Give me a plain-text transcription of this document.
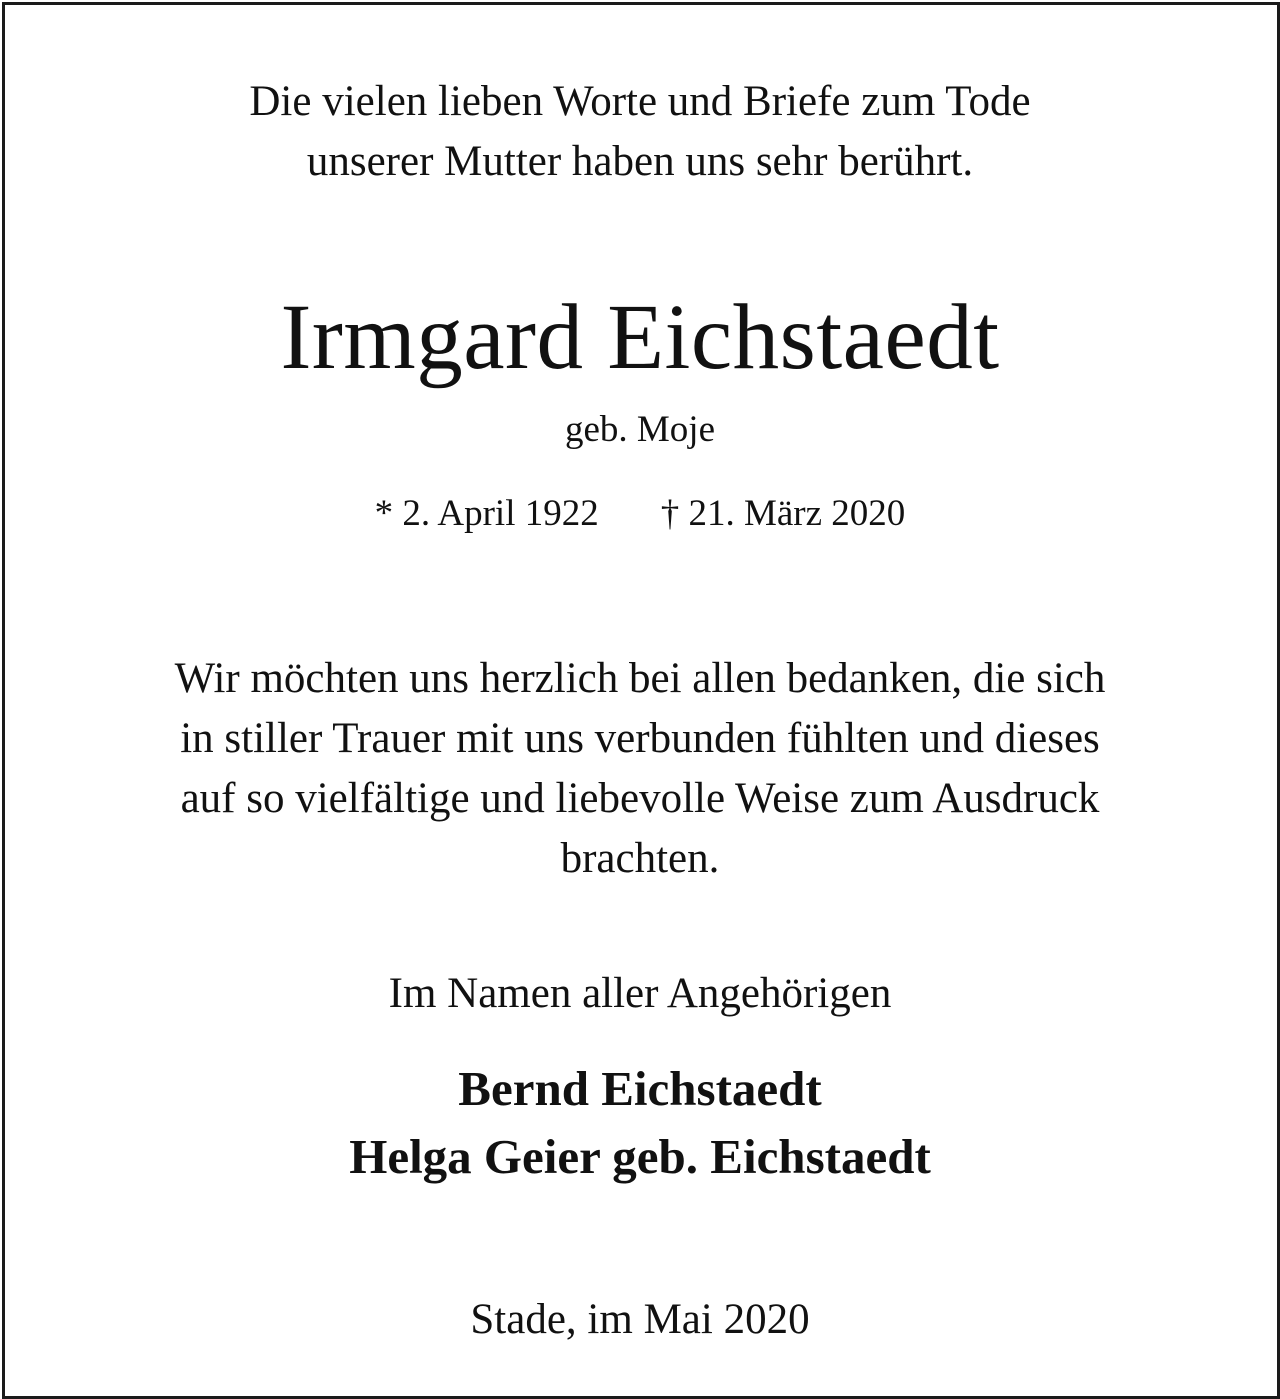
Die vielen lieben Worte und Briefe zum Tode

unserer Mutter haben uns sehr berührt.

Irmgard Eichstaedt

geb. Moje

* 2. April 1922 † 21. März 2020

Wir möchten uns herzlich bei allen bedanken, die sich

in stiller Trauer mit uns verbunden fühlten und dieses

auf so vielfältige und liebevolle Weise zum Ausdruck

brachten.

Im Namen aller Angehörigen

Bernd Eichstaedt

Helga Geier geb. Eichstaedt

Stade, im Mai 2020
